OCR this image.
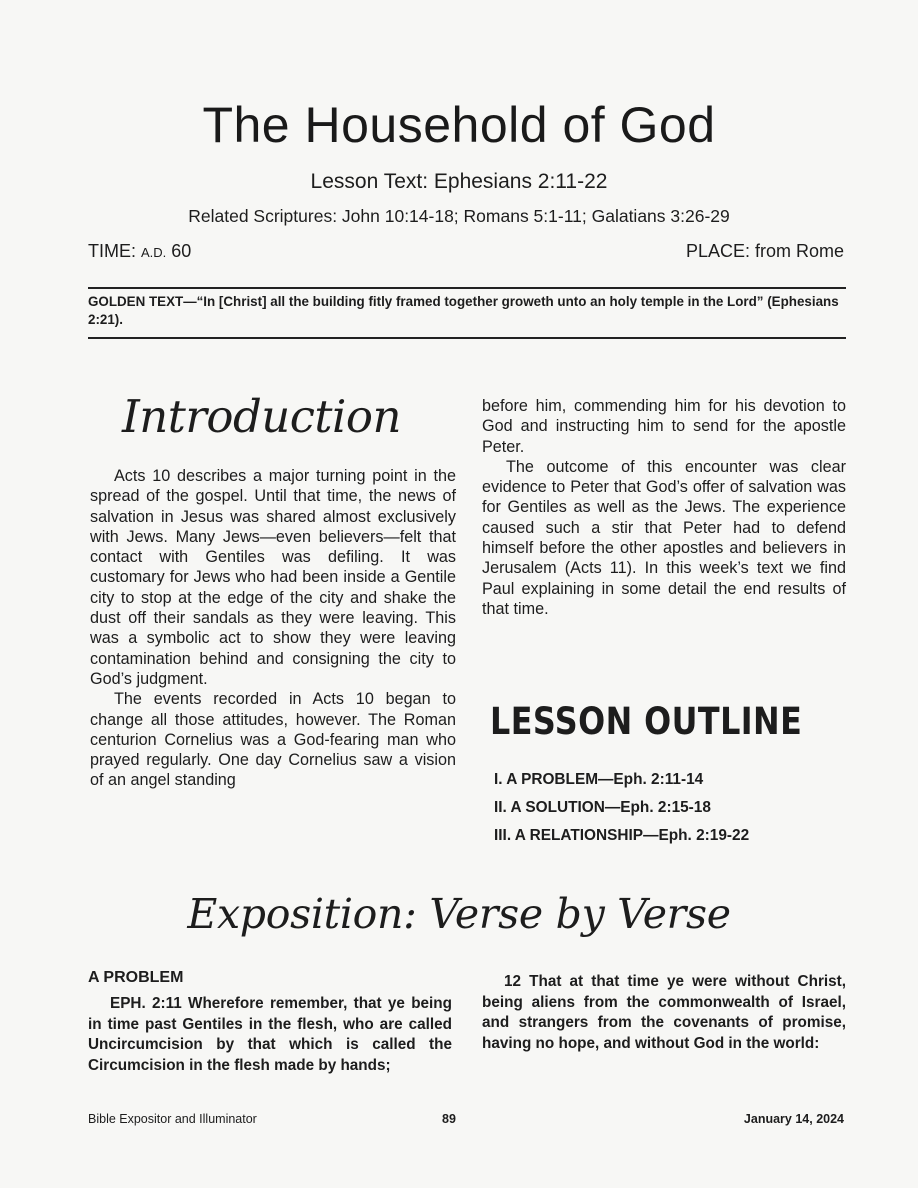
The Household of God
Lesson Text: Ephesians 2:11-22
Related Scriptures: John 10:14-18; Romans 5:1-11; Galatians 3:26-29
TIME: A.D. 60	PLACE: from Rome
GOLDEN TEXT—“In [Christ] all the building fitly framed together groweth unto an holy temple in the Lord” (Ephesians 2:21).
Introduction

Acts 10 describes a major turning point in the spread of the gospel. Until that time, the news of salvation in Jesus was shared almost exclusively with Jews. Many Jews—even believers—felt that contact with Gentiles was defiling. It was customary for Jews who had been inside a Gentile city to stop at the edge of the city and shake the dust off their sandals as they were leaving. This was a symbolic act to show they were leaving contamination behind and consigning the city to God’s judgment.

The events recorded in Acts 10 began to change all those attitudes, however. The Roman centurion Cornelius was a God-fearing man who prayed regularly. One day Cornelius saw a vision of an angel standing

before him, commending him for his devotion to God and instructing him to send for the apostle Peter.

The outcome of this encounter was clear evidence to Peter that God’s offer of salvation was for Gentiles as well as the Jews. The experience caused such a stir that Peter had to defend himself before the other apostles and believers in Jerusalem (Acts 11). In this week’s text we find Paul explaining in some detail the end results of that time.

LESSON OUTLINE
I. A PROBLEM—Eph. 2:11-14
II. A SOLUTION—Eph. 2:15-18
III. A RELATIONSHIP—Eph. 2:19-22
Exposition: Verse by Verse
A PROBLEM
EPH. 2:11 Wherefore remember, that ye being in time past Gentiles in the flesh, who are called Uncircumcision by that which is called the Circumcision in the flesh made by hands;
12 That at that time ye were without Christ, being aliens from the commonwealth of Israel, and strangers from the covenants of promise, having no hope, and without God in the world:
Bible Expositor and Illuminator	89	January 14, 2024
